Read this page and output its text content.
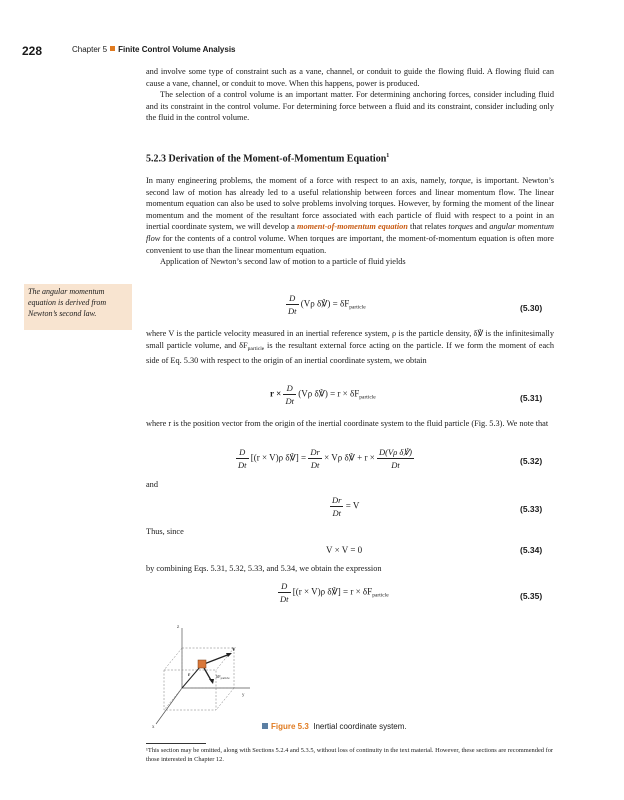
228	Chapter 5 Finite Control Volume Analysis

and involve some type of constraint such as a vane, channel, or conduit to guide the flowing fluid. A flowing fluid can cause a vane, channel, or conduit to move. When this happens, power is produced.

The selection of a control volume is an important matter. For determining anchoring forces, consider including fluid and its constraint in the control volume. For determining force between a fluid and its constraint, consider including only the fluid in the control volume.

5.2.3 Derivation of the Moment-of-Momentum Equation$^1$

In many engineering problems, the moment of a force with respect to an axis, namely, torque, is important. Newton’s second law of motion has already led to a useful relationship between forces and linear momentum flow. The linear momentum equation can also be used to solve problems involving torques. However, by forming the moment of the linear momentum and the moment of the resultant force associated with each particle of fluid with respect to a point in an inertial coordinate system, we will develop a moment-of-momentum equation that relates torques and angular momentum flow for the contents of a control volume. When torques are important, the moment-of-momentum equation is often more convenient to use than the linear momentum equation.

Application of Newton’s second law of motion to a particle of fluid yields

The angular momentum equation is derived from Newton’s second law.	$\frac{D}{Dt} (V\rho$ δ℣) = $\delta F_{particle}$	(5.30)

where V is the particle velocity measured in an inertial reference system, ρ is the particle density, δ℣ is the infinitesimally small particle volume, and $\delta F_{particle}$ is the resultant external force acting on the particle. If we form the moment of each side of Eq. 5.30 with respect to the origin of an inertial coordinate system, we obtain

$r \times \frac{D}{Dt} (V\rho$ δ℣) = $r \times \delta F_{particle}$	(5.31)
where r is the position vector from the origin of the inertial coordinate system to the fluid particle (Fig. 5.3). We note that
$\frac{D}{Dt} [(r \times V)\rho$ δ℣] = $\frac{Dr}{Dt} \times V\rho$ δ℣ + $r \times \frac{\text{D(Vρ δ℣)}}{Dt}$	(5.32)
and
$\frac{Dr}{Dt} = V$	(5.33)
Thus, since
V × V = 0	(5.34)
by combining Eqs. 5.31, 5.32, 5.33, and 5.34, we obtain the expression
$\frac{D}{Dt} [(r \times V)\rho$ δ℣] = $r \times \delta F_{particle}$	(5.35)
z
y
x
V
r	$\delta F_{particle}$
Figure 5.3 Inertial coordinate system.
¹This section may be omitted, along with Sections 5.2.4 and 5.3.5, without loss of continuity in the text material. However, these sections are recommended for those interested in Chapter 12.
